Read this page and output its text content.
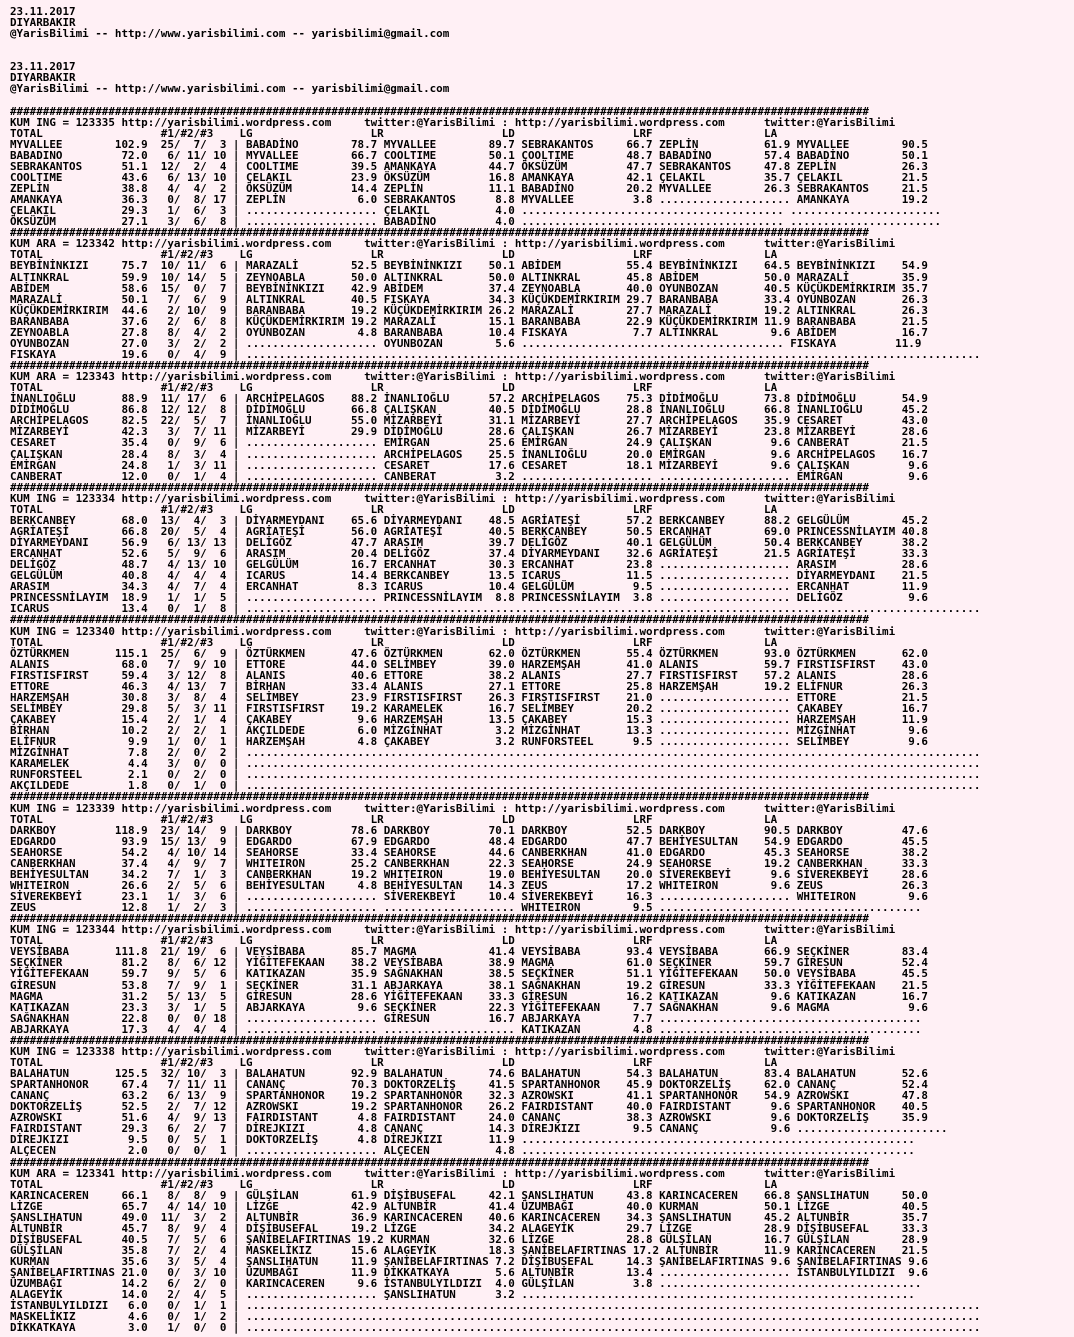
23.11.2017
DIYARBAKIR
@YarisBilimi -- http://www.yarisbilimi.com -- yarisbilimi@gmail.com

23.11.2017
DIYARBAKIR
@YarisBilimi -- http://www.yarisbilimi.com -- yarisbilimi@gmail.com

###################################################################################################################################
KUM ING = 123335 http://yarisbilimi.wordpress.com     twitter:@YarisBilimi : http://yarisbilimi.wordpress.com      twitter:@YarisBilimi
TOTAL                  #1/#2/#3    LG                  LR                  LD                  LRF                 LA
MYVALLEE        102.9  25/  7/  3 | BABADİNO        78.7 MYVALLEE        89.7 SEBRAKANTOS     66.7 ZEPLİN          61.9 MYVALLEE        90.5
BABADINO         72.0   6/ 11/ 10 | MYVALLEE        66.7 COOLTIME        50.1 ÇOOLTIME        48.7 BABADİNO        57.4 BABADİNO        50.1
SEBRAKANTOS      51.1  12/  2/  4 | COOLTIME        39.5 AMANKAYA        44.7 ÖKSÜZÜM         47.7 SEBRAKANTOS     47.8 ZEPLİN          26.3
COOLTIME         43.6   6/ 13/ 10 | ÇELAKIL         23.9 ÖKSÜZÜM         16.8 AMANKAYA        42.1 ÇELAKIL         35.7 ÇELAKIL         21.5
ZEPLİN           38.8   4/  4/  2 | ÖKSÜZÜM         14.4 ZEPLİN          11.1 BABADİNO        20.2 MYVALLEE        26.3 SEBRAKANTOS     21.5
AMANKAYA         36.3   0/  8/ 17 | ZEPLİN           6.0 SEBRAKANTOS      8.8 MYVALLEE         3.8 .................... AMANKAYA        19.2
ÇELAKIL          29.3   1/  6/  3 | .................... ÇELAKIL          4.0 ........................................ .......................
ÖKSÜZÜM          27.1   3/  6/  8 | .................... BABADİNO         4.0 ........................................ .......................
###################################################################################################################################
KUM ARA = 123342 http://yarisbilimi.wordpress.com     twitter:@YarisBilimi : http://yarisbilimi.wordpress.com      twitter:@YarisBilimi
TOTAL                  #1/#2/#3    LG                  LR                  LD                  LRF                 LA
BEYBİNİNKIZI     75.7  10/ 11/  6 | MARAZALİ        52.5 BEYBİNİNKIZI    50.1 ABİDEM          55.4 BEYBİNİNKIZI    64.5 BEYBİNİNKIZI    54.9
ALTINKRAL        59.9  10/ 14/  5 | ZEYNOABLA       50.0 ALTINKRAL       50.0 ALTINKRAL       45.8 ABİDEM          50.0 MARAZALİ        35.9
ABİDEM           58.6  15/  0/  7 | BEYBİNİNKIZI    42.9 ABİDEM          37.4 ZEYNOABLA       40.0 OYUNBOZAN       40.5 KÜÇÜKDEMİRKIRIM 35.7
MARAZALİ         50.1   7/  6/  9 | ALTINKRAL       40.5 FISKAYA         34.3 KÜÇÜKDEMİRKIRIM 29.7 BARANBABA       33.4 OYUNBOZAN       26.3
KÜÇÜKDEMİRKIRIM  44.6   2/ 10/  9 | BARANBABA       19.2 KÜÇÜKDEMİRKIRIM 26.2 MARAZALİ        27.7 MARAZALİ        19.2 ALTINKRAL       26.3
BARANBABA        37.6   2/  6/  8 | KÜÇÜKDEMİRKIRIM 19.2 MARAZALİ        15.1 BARANBABA       22.9 KÜÇÜKDEMİRKIRIM 11.9 BARANBABA       21.5
ZEYNOABLA        27.8   8/  4/  2 | OYUNBOZAN        4.8 BARANBABA       10.4 FISKAYA          7.7 ALTINKRAL        9.6 ABİDEM          16.7
OYUNBOZAN        27.0   3/  2/  2 | .................... OYUNBOZAN        5.6 ........................................ FISKAYA         11.9
FISKAYA          19.6   0/  4/  9 | ................................................................................................................
###################################################################################################################################
KUM ARA = 123343 http://yarisbilimi.wordpress.com     twitter:@YarisBilimi : http://yarisbilimi.wordpress.com      twitter:@YarisBilimi
TOTAL                  #1/#2/#3    LG                  LR                  LD                  LRF                 LA
İNANLIOĞLU       88.9  11/ 17/  6 | ARCHİPELAGOS    88.2 İNANLIOĞLU      57.2 ARCHİPELAGOS    75.3 DİDİMOĞLU       73.8 DİDİMOĞLU       54.9
DİDİMOĞLU        86.8  12/ 12/  8 | DİDİMOĞLU       66.8 ÇALIŞKAN        40.5 DİDİMOĞLU       28.8 İNANLIOĞLU      66.8 İNANLIOĞLU      45.2
ARCHİPELAGOS     82.5  22/  5/  7 | İNANLIOĞLU      55.0 MİZARBEYİ       31.1 MİZARBEYİ       27.7 ARCHİPELAGOS    35.9 CESARET         43.0
MİZARBEYİ        42.3   3/  7/ 11 | MİZARBEYİ       29.9 DİDİMOĞLU       28.6 ÇALIŞKAN        26.7 MİZARBEYİ       23.8 MİZARBEYİ       28.6
CESARET          35.4   0/  9/  6 | .................... EMİRGAN         25.6 EMİRGAN         24.9 ÇALIŞKAN         9.6 CANBERAT        21.5
ÇALIŞKAN         28.4   8/  3/  4 | .................... ARCHİPELAGOS    25.5 İNANLIOĞLU      20.0 EMİRGAN          9.6 ARCHİPELAGOS    16.7
EMİRGAN          24.8   1/  3/ 11 | .................... CESARET         17.6 CESARET         18.1 MİZARBEYİ        9.6 ÇALIŞKAN         9.6
CANBERAT         12.0   0/  1/  4 | .................... CANBERAT         3.2 .................... .................... EMİRGAN          9.6
###################################################################################################################################
KUM ING = 123334 http://yarisbilimi.wordpress.com     twitter:@YarisBilimi : http://yarisbilimi.wordpress.com      twitter:@YarisBilimi
TOTAL                  #1/#2/#3    LG                  LR                  LD                  LRF                 LA
BERKCANBEY       68.0  13/  4/  3 | DİYARMEYDANI    65.6 DİYARMEYDANI    48.5 AGRİATEŞİ       57.2 BERKCANBEY      88.2 GELGÜLÜM        45.2
AGRİATEŞİ        66.8  20/  5/  4 | AGRİATEŞİ       56.0 AGRİATEŞİ       40.5 BERKCANBEY      50.5 ERCANHAT        69.0 PRINCESSNİLAYIM 40.8
DİYARMEYDANI     56.9   6/ 13/ 13 | DELİGÖZ         47.7 ARASIM          39.7 DELİGÖZ         40.1 GELGÜLÜM        50.4 BERKCANBEY      38.2
ERCANHAT         52.6   5/  9/  6 | ARASIM          20.4 DELİGÖZ         37.4 DİYARMEYDANI    32.6 AGRİATEŞİ       21.5 AGRİATEŞİ       33.3
DELİGÖZ          48.7   4/ 13/ 10 | GELGÜLÜM        16.7 ERCANHAT        30.3 ERCANHAT        23.8 .................... ARASIM          28.6
GELGÜLÜM         40.8   4/  4/  4 | ICARUS          14.4 BERKCANBEY      13.5 ICARUS          11.5 .................... DİYARMEYDANI    21.5
ARASIM           34.3   4/  7/  4 | ERCANHAT         8.3 ICARUS          10.4 GELGÜLÜM         9.5 .................... ERCANHAT        11.9
PRINCESSNİLAYIM  18.9   1/  1/  5 | .................... PRINCESSNİLAYIM  8.8 PRINCESSNİLAYIM  3.8 .................... DELİGÖZ          9.6
ICARUS           13.4   0/  1/  8 | ................................................................................................................
###################################################################################################################################
KUM ING = 123340 http://yarisbilimi.wordpress.com     twitter:@YarisBilimi : http://yarisbilimi.wordpress.com      twitter:@YarisBilimi
TOTAL                  #1/#2/#3    LG                  LR                  LD                  LRF                 LA
ÖZTÜRKMEN       115.1  25/  6/  9 | ÖZTÜRKMEN       47.6 ÖZTÜRKMEN       62.0 ÖZTÜRKMEN       55.4 ÖZTÜRKMEN       93.0 ÖZTÜRKMEN       62.0
ALANIS           68.0   7/  9/ 10 | ETTORE          44.0 SELİMBEY        39.0 HARZEMŞAH       41.0 ALANIS          59.7 FIRSTISFIRST    43.0
FIRSTISFIRST     59.4   3/ 12/  8 | ALANIS          40.6 ETTORE          38.2 ALANIS          27.7 FIRSTISFIRST    57.2 ALANIS          28.6
ETTORE           46.3   4/ 13/  7 | BİRHAN          33.4 ALANIS          27.1 ETTORE          25.8 HARZEMŞAH       19.2 ELİFNUR         26.3
HARZEMŞAH        30.8   3/  8/  4 | SELİMBEY        23.9 FIRSTISFIRST    26.3 FIRSTISFIRST    21.0 .................... ETTORE          21.5
SELİMBEY         29.8   5/  3/ 11 | FIRSTISFIRST    19.2 KARAMELEK       16.7 SELİMBEY        20.2 .................... ÇAKABEY         16.7
ÇAKABEY          15.4   2/  1/  4 | ÇAKABEY          9.6 HARZEMŞAH       13.5 ÇAKABEY         15.3 .................... HARZEMŞAH       11.9
BİRHAN           10.2   2/  2/  1 | AKÇILDEDE        6.0 MİZGİNHAT        3.2 MİZGİNHAT       13.3 .................... MİZGİNHAT        9.6
ELİFNUR           9.9   1/  0/  1 | HARZEMŞAH        4.8 ÇAKABEY          3.2 RUNFORSTEEL      9.5 .................... SELİMBEY         9.6
MİZGİNHAT         7.8   2/  0/  2 | ................................................................................................................
KARAMELEK         4.4   3/  0/  0 | ................................................................................................................
RUNFORSTEEL       2.1   0/  2/  0 | ................................................................................................................
AKÇILDEDE         1.8   0/  1/  0 | ................................................................................................................
###################################################################################################################################
KUM ING = 123339 http://yarisbilimi.wordpress.com     twitter:@YarisBilimi : http://yarisbilimi.wordpress.com      twitter:@YarisBilimi
TOTAL                  #1/#2/#3    LG                  LR                  LD                  LRF                 LA
DARKBOY         118.9  23/ 14/  9 | DARKBOY         78.6 DARKBOY         70.1 DARKBOY         52.5 DARKBOY         90.5 DARKBOY         47.6
EDGARDO          93.9  15/ 13/  9 | EDGARDO         67.9 EDGARDO         48.4 EDGARDO         47.7 BEHİYESULTAN    54.9 EDGARDO         45.5
SEAHORSE         54.2   4/ 10/ 14 | SEAHORSE        33.4 SEAHORSE        44.6 CANBERKHAN      41.0 EDGARDO         45.3 SEAHORSE        38.2
CANBERKHAN       37.4   4/  9/  7 | WHITEIRON       25.2 CANBERKHAN      22.3 SEAHORSE        24.9 SEAHORSE        19.2 CANBERKHAN      33.3
BEHİYESULTAN     34.2   7/  1/  3 | CANBERKHAN      19.2 WHITEIRON       19.0 BEHİYESULTAN    20.0 SİVEREKBEYİ      9.6 SİVEREKBEYİ     28.6
WHITEIRON        26.6   2/  5/  6 | BEHİYESULTAN     4.8 BEHİYESULTAN    14.3 ZEUS            17.2 WHITEIRON        9.6 ZEUS            26.3
SİVEREKBEYİ      23.1   1/  3/  6 | .................... SİVEREKBEYİ     10.4 SİVEREKBEYİ     16.3 .................... WHITEIRON        9.6
ZEUS             12.8   1/  2/  3 | .................... .................... WHITEIRON        9.5 ........................................
###################################################################################################################################
KUM ING = 123344 http://yarisbilimi.wordpress.com     twitter:@YarisBilimi : http://yarisbilimi.wordpress.com      twitter:@YarisBilimi
TOTAL                  #1/#2/#3    LG                  LR                  LD                  LRF                 LA
VEYSİBABA       111.8  21/ 19/  6 | VEYSİBABA       85.7 MAGMA           41.4 VEYSİBABA       93.4 VEYSİBABA       66.9 SEÇKİNER        83.4
SEÇKİNER         81.2   8/  6/ 12 | YİĞİTEFEKAAN    38.2 VEYSİBABA       38.9 MAGMA           61.0 SEÇKİNER        59.7 GİRESUN         52.4
YİĞİTEFEKAAN     59.7   9/  5/  6 | KATIKAZAN       35.9 SAĞNAKHAN       38.5 SEÇKİNER        51.1 YİĞİTEFEKAAN    50.0 VEYSİBABA       45.5
GİRESUN          53.8   7/  9/  1 | SEÇKİNER        31.1 ABJARKAYA       38.1 SAĞNAKHAN       19.2 GİRESUN         33.3 YİĞİTEFEKAAN    21.5
MAGMA            31.2   5/ 13/  5 | GİRESUN         28.6 YİĞİTEFEKAAN    33.3 GİRESUN         16.2 KATIKAZAN        9.6 KATIKAZAN       16.7
KATIKAZAN        23.3   3/  1/  5 | ABJARKAYA        9.6 SEÇKİNER        22.3 YİĞİTEFEKAAN     7.7 SAĞNAKHAN        9.6 MAGMA            9.6
SAĞNAKHAN        22.8   0/  0/ 18 | .................... GİRESUN         16.7 ABJARKAYA        7.7 ........................................
ABJARKAYA        17.3   4/  4/  4 | .................... .................... KATIKAZAN        4.8 ........................................
###################################################################################################################################
KUM ING = 123338 http://yarisbilimi.wordpress.com     twitter:@YarisBilimi : http://yarisbilimi.wordpress.com      twitter:@YarisBilimi
TOTAL                  #1/#2/#3    LG                  LR                  LD                  LRF                 LA
BALAHATUN       125.5  32/ 10/  3 | BALAHATUN       92.9 BALAHATUN       74.6 BALAHATUN       54.3 BALAHATUN       83.4 BALAHATUN       52.6
SPARTANHONOR     67.4   7/ 11/ 11 | CANANÇ          70.3 DOKTORZELİŞ     41.5 SPARTANHONOR    45.9 DOKTORZELİŞ     62.0 CANANÇ          52.4
CANANÇ           63.2   6/ 13/  9 | SPARTANHONOR    19.2 SPARTANHONOR    32.3 AZROWSKI        41.1 SPARTANHONOR    54.9 AZROWSKI        47.8
DOKTORZELİŞ      52.5   2/  7/ 12 | AZROWSKI        19.2 SPARTANHONOR    26.2 FAIRDISTANT     40.0 FAIRDISTANT      9.6 SPARTANHONOR    40.5
AZROWSKI         51.6   4/  9/ 13 | FAIRDISTANT      4.8 FAIRDISTANT     24.0 CANANÇ          38.3 AZROWSKI         9.6 DOKTORZELİŞ     35.9
FAIRDISTANT      29.3   6/  2/  7 | DİREJKIZI        4.8 CANANÇ          14.3 DİREJKIZI        9.5 CANANÇ           9.6 .......................
DİREJKIZI         9.5   0/  5/  1 | DOKTORZELİŞ      4.8 DİREJKIZI       11.9 ............................................................
ALÇECEN           2.0   0/  0/  1 | .................... ALÇECEN          4.8 ............................................................
###################################################################################################################################
KUM ARA = 123341 http://yarisbilimi.wordpress.com     twitter:@YarisBilimi : http://yarisbilimi.wordpress.com      twitter:@YarisBilimi
TOTAL                  #1/#2/#3    LG                  LR                  LD                  LRF                 LA
KARINCACEREN     66.1   8/  8/  9 | GÜLŞİLAN        61.9 DİŞİBUSEFAL     42.1 ŞANSLIHATUN     43.8 KARINCACEREN    66.8 ŞANSLIHATUN     50.0
LİZGE            65.7   4/ 14/ 10 | LİZGE           42.9 ALTUNBİR        41.4 ÜZUMBAĞI        40.0 KURMAN          50.1 LİZGE           40.5
ŞANSLIHATUN      49.0  11/  3/  2 | ALTUNBİR        36.9 KARINCACEREN    40.6 KARINCACEREN    34.3 ŞANSLIHATUN     45.2 ALTUNBİR        35.7
ALTUNBİR         45.7   8/  9/  4 | DİŞİBUSEFAL     19.2 LİZGE           34.2 ALAGEYİK        29.7 LİZGE           28.9 DİŞİBUSEFAL     33.3
DİŞİBUSEFAL      40.5   7/  5/  6 | ŞANİBELAFIRTINAS 19.2 KURMAN         32.6 LİZGE           28.8 GÜLŞİLAN        16.7 GÜLŞİLAN        28.9
GÜLŞİLAN         35.8   7/  2/  4 | MASKELİKIZ      15.6 ALAGEYİK        18.3 ŞANİBELAFIRTINAS 17.2 ALTUNBİR       11.9 KARINCACEREN    21.5
KURMAN           35.6   3/  5/  4 | ŞANSLIHATUN     11.9 ŞANİBELAFIRTINAS 7.2 DİŞİBUSEFAL     14.3 ŞANİBELAFIRTINAS 9.6 ŞANİBELAFIRTINAS 9.6
ŞANİBELAFIRTINAS 21.0   0/  3/ 10 | ÜZUMBAĞI        11.9 DİKKATKAYA       5.6 ALTUNBİR        13.4 .................... İSTANBULYILDIZI  9.6
ÜZUMBAĞI         14.2   6/  2/  0 | KARINCACEREN     9.6 İSTANBULYILDIZI  4.0 GÜLŞİLAN         3.8 ........................................
ALAGEYİK         14.0   2/  4/  5 | .................... ŞANSLIHATUN      3.2 ............................................................
İSTANBULYILDIZI   6.0   0/  1/  1 | ................................................................................................................
MASKELİKIZ        4.6   0/  1/  2 | ................................................................................................................
DİKKATKAYA        3.0   1/  0/  0 | ................................................................................................................
